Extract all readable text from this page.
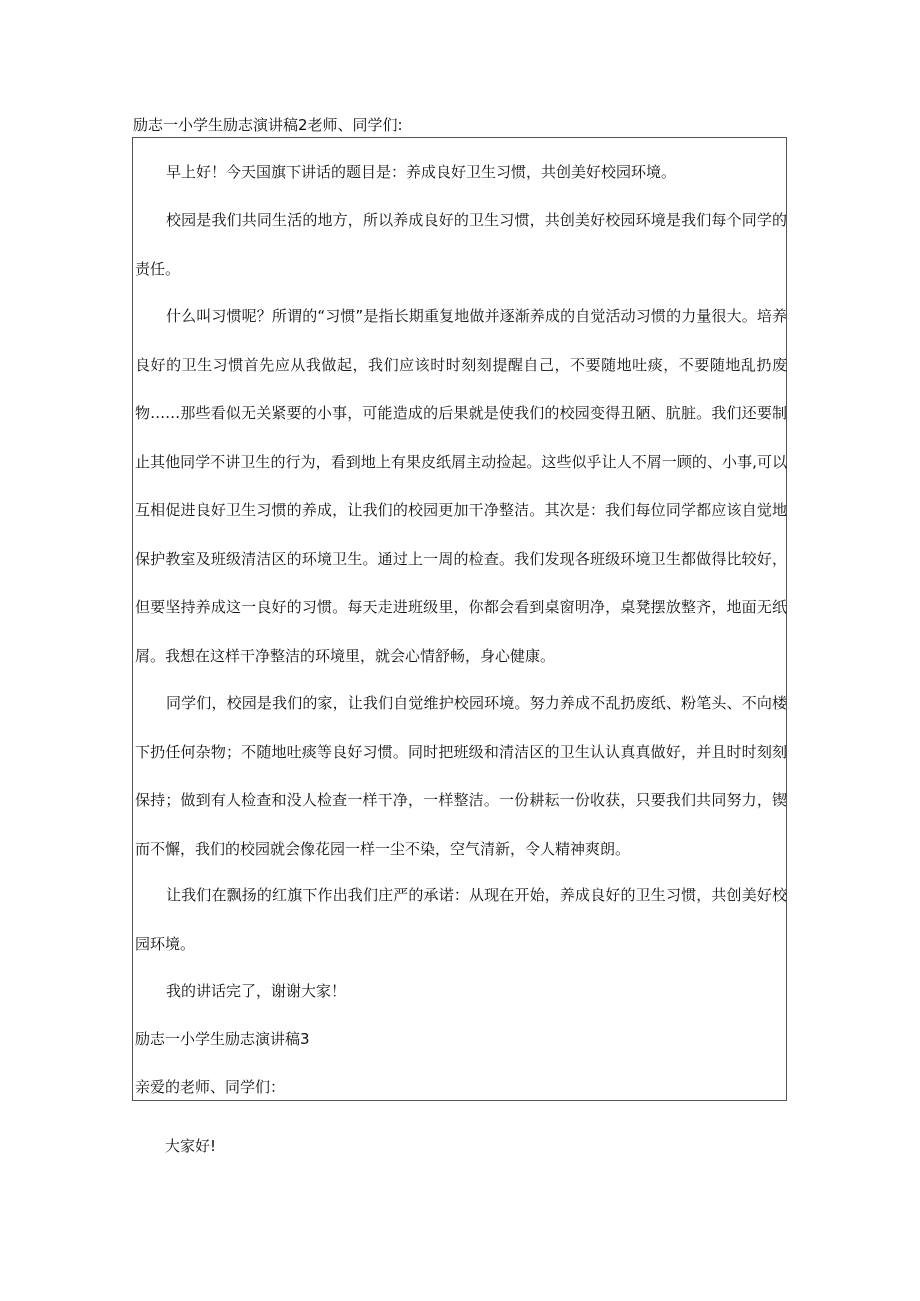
励志一小学生励志演讲稿2老师、同学们:

早上好！今天国旗下讲话的题目是：养成良好卫生习惯，共创美好校园环境。

校园是我们共同生活的地方，所以养成良好的卫生习惯，共创美好校园环境是我们每个同学的责任。

什么叫习惯呢？所谓的“习惯”是指长期重复地做并逐渐养成的自觉活动习惯的力量很大。培养良好的卫生习惯首先应从我做起，我们应该时时刻刻提醒自己，不要随地吐痰，不要随地乱扔废物……那些看似无关紧要的小事，可能造成的后果就是使我们的校园变得丑陋、肮脏。我们还要制止其他同学不讲卫生的行为，看到地上有果皮纸屑主动捡起。这些似乎让人不屑一顾的、小事,可以互相促进良好卫生习惯的养成，让我们的校园更加干净整洁。其次是：我们每位同学都应该自觉地保护教室及班级清洁区的环境卫生。通过上一周的检查。我们发现各班级环境卫生都做得比较好，但要坚持养成这一良好的习惯。每天走进班级里，你都会看到桌窗明净，桌凳摆放整齐，地面无纸屑。我想在这样干净整洁的环境里，就会心情舒畅，身心健康。

同学们，校园是我们的家，让我们自觉维护校园环境。努力养成不乱扔废纸、粉笔头、不向楼下扔任何杂物；不随地吐痰等良好习惯。同时把班级和清洁区的卫生认认真真做好，并且时时刻刻保持；做到有人检查和没人检查一样干净，一样整洁。一份耕耘一份收获，只要我们共同努力，锲而不懈，我们的校园就会像花园一样一尘不染，空气清新，令人精神爽朗。

让我们在飘扬的红旗下作出我们庄严的承诺：从现在开始，养成良好的卫生习惯，共创美好校园环境。

我的讲话完了，谢谢大家！

励志一小学生励志演讲稿3

亲爱的老师、同学们：

大家好!
